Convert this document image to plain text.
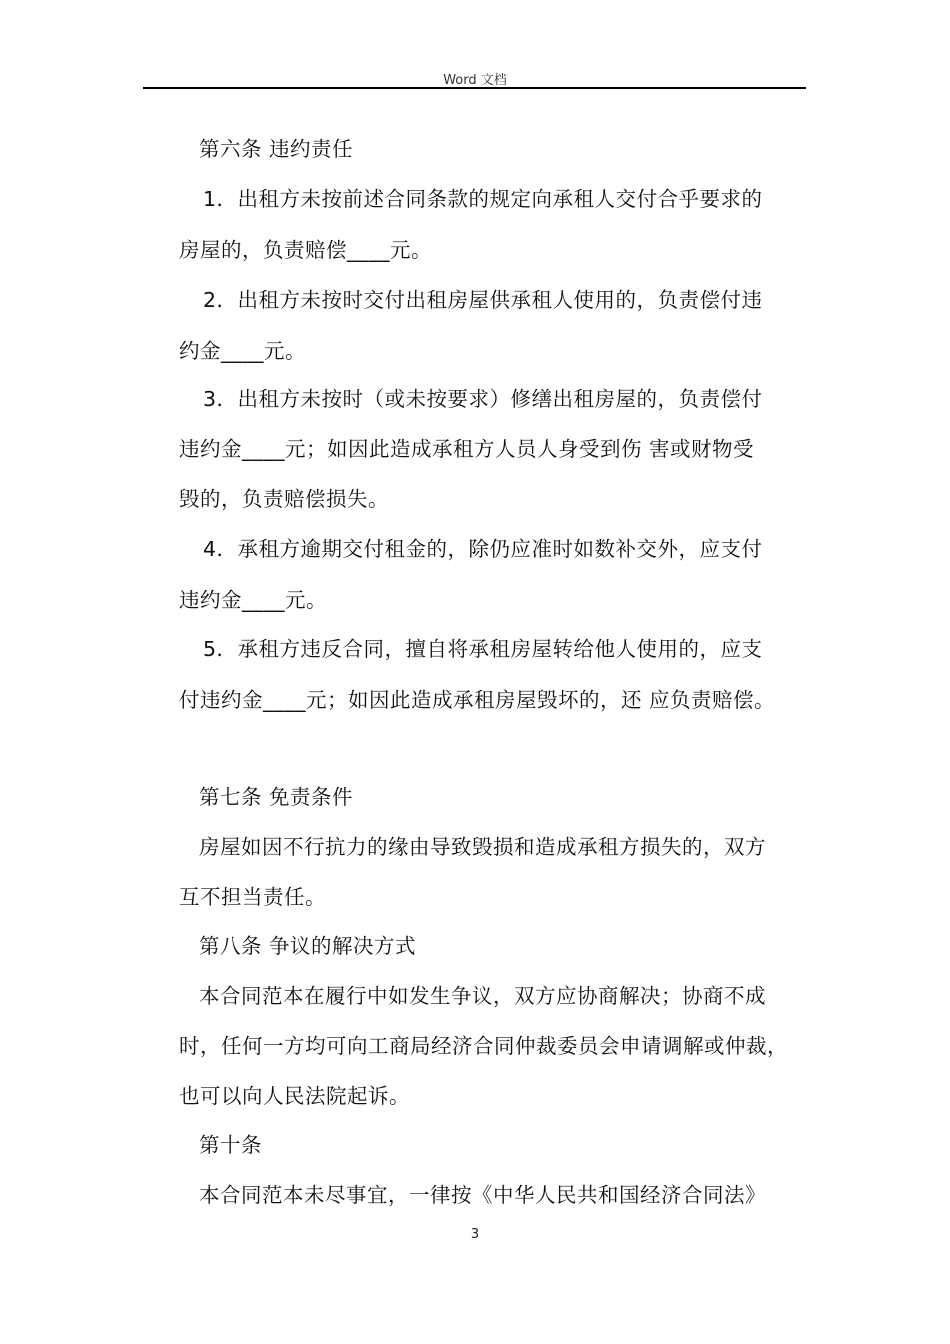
Word 文档
第六条 违约责任
1．出租方未按前述合同条款的规定向承租人交付合乎要求的
房屋的，负责赔偿____元。
2．出租方未按时交付出租房屋供承租人使用的，负责偿付违
约金____元。
3．出租方未按时（或未按要求）修缮出租房屋的，负责偿付
违约金____元；如因此造成承租方人员人身受到伤 害或财物受
毁的，负责赔偿损失。
4．承租方逾期交付租金的，除仍应准时如数补交外，应支付
违约金____元。
5．承租方违反合同，擅自将承租房屋转给他人使用的，应支
付违约金____元；如因此造成承租房屋毁坏的，还 应负责赔偿。
第七条 免责条件
房屋如因不行抗力的缘由导致毁损和造成承租方损失的，双方
互不担当责任。
第八条 争议的解决方式
本合同范本在履行中如发生争议，双方应协商解决；协商不成
时，任何一方均可向工商局经济合同仲裁委员会申请调解或仲裁，
也可以向人民法院起诉。
第十条
本合同范本未尽事宜，一律按《中华人民共和国经济合同法》
3
